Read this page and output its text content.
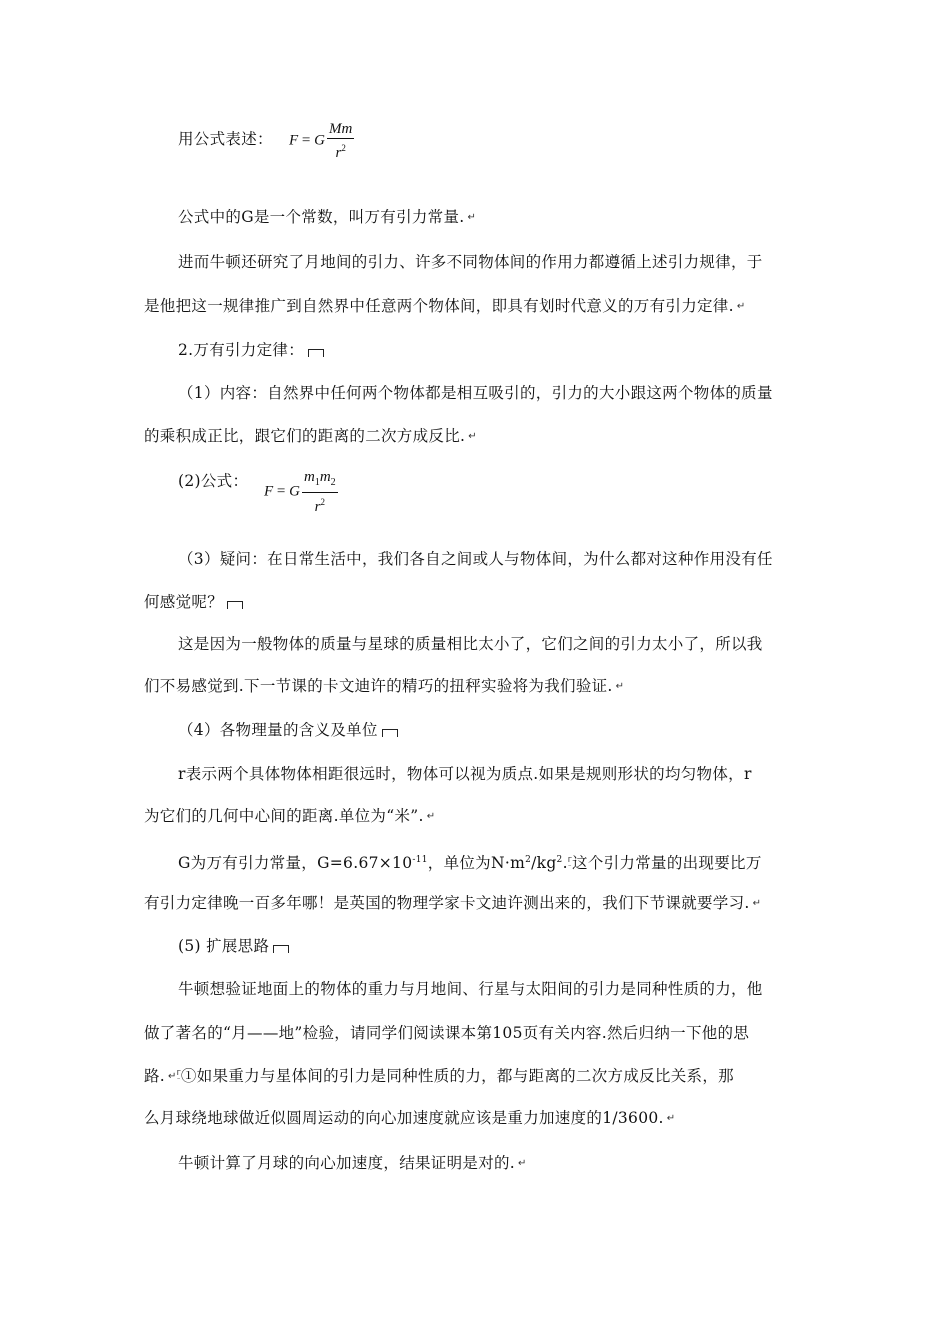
用公式表述：	F = G $\frac{Mm}{r^2}$
公式中的G是一个常数，叫万有引力常量. ↵
进而牛顿还研究了月地间的引力、许多不同物体间的作用力都遵循上述引力规律，于
是他把这一规律推广到自然界中任意两个物体间，即具有划时代意义的万有引力定律. ↵
2.万有引力定律：
（1）内容：自然界中任何两个物体都是相互吸引的，引力的大小跟这两个物体的质量
的乘积成正比，跟它们的距离的二次方成反比. ↵
(2)公式：
F = G $\frac{m_1m_2}{r^2}$
（3）疑问：在日常生活中，我们各自之间或人与物体间，为什么都对这种作用没有任
何感觉呢？
这是因为一般物体的质量与星球的质量相比太小了，它们之间的引力太小了，所以我
们不易感觉到.下一节课的卡文迪许的精巧的扭秤实验将为我们验证. ↵
（4）各物理量的含义及单位
r表示两个具体物体相距很远时，物体可以视为质点.如果是规则形状的均匀物体，r
为它们的几何中心间的距离.单位为“米”. ↵
G为万有引力常量，$G=6.67\times 10^{-11}$，单位为$N\cdot m^2/kg^2.ᒥ$
⁻这个引力常量的出现要比万
有引力定律晚一百多年哪！是英国的物理学家卡文迪许测出来的，我们下节课就要学习. ↵
(5) 扩展思路
牛顿想验证地面上的物体的重力与月地间、行星与太阳间的引力是同种性质的力，他
做了著名的“月——地”检验，请同学们阅读课本第105页有关内容.然后归纳一下他的思
路. ↵ᒥ
⁻①如果重力与星体间的引力是同种性质的力，都与距离的二次方成反比关系，那
么月球绕地球做近似圆周运动的向心加速度就应该是重力加速度的1/3600. ↵
牛顿计算了月球的向心加速度，结果证明是对的. ↵
